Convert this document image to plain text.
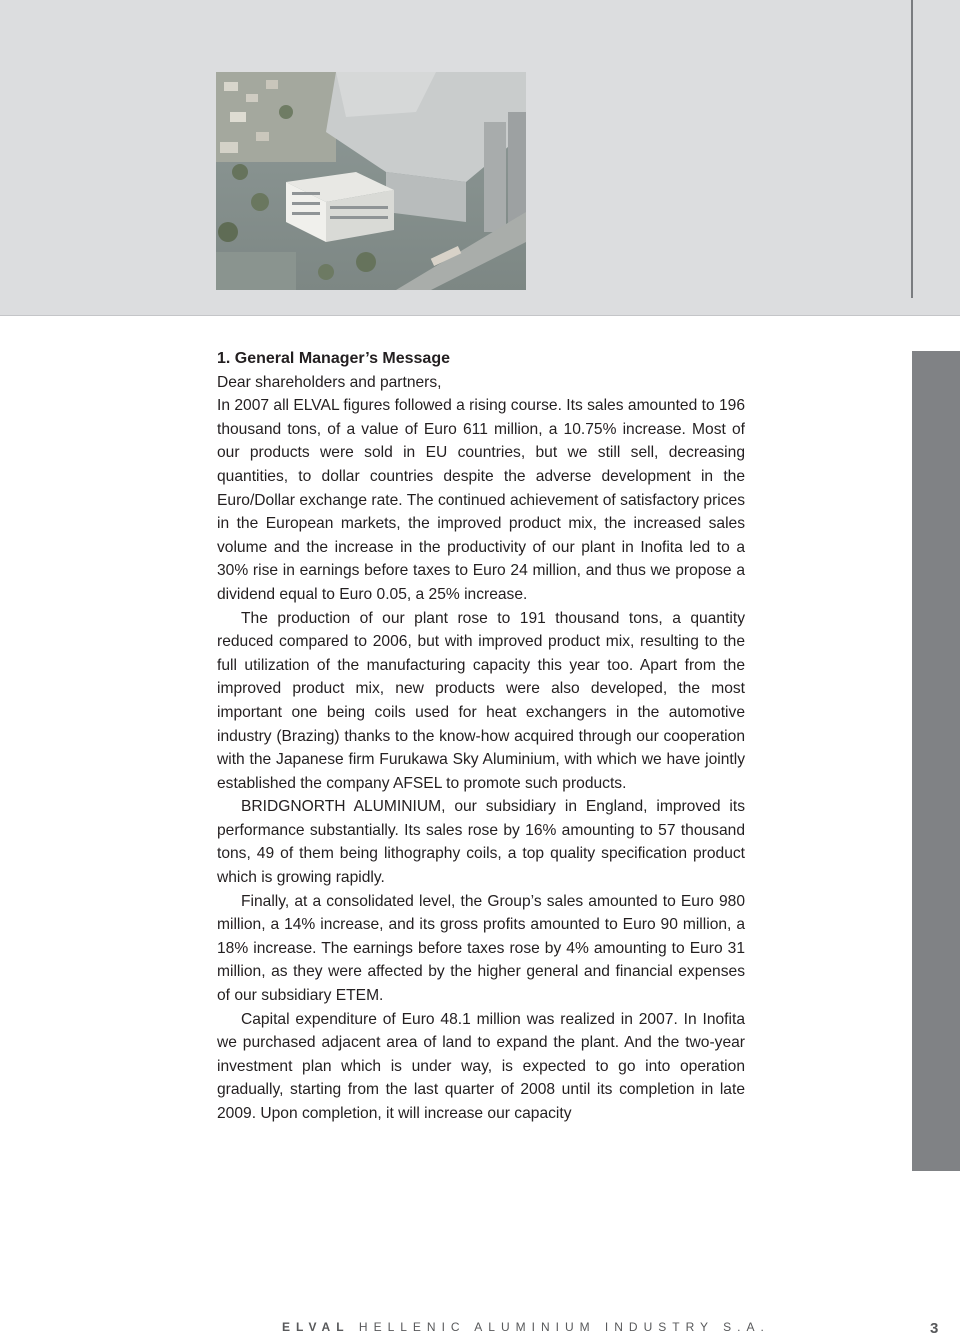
1. General Manager’s Message

Dear shareholders and partners,

In 2007 all ELVAL figures followed a rising course. Its sales amounted to 196 thousand tons, of a value of Euro 611 million, a 10.75% increase. Most of our products were sold in EU countries, but we still sell, decreasing quantities, to dollar countries despite the adverse development in the Euro/Dollar exchange rate. The continued achievement of satisfactory prices in the European markets, the improved product mix, the increased sales volume and the increase in the productivity of our plant in Inofita led to a 30% rise in earnings before taxes to Euro 24 million, and thus we propose a dividend equal to Euro 0.05, a 25% increase.

The production of our plant rose to 191 thousand tons, a quantity reduced compared to 2006, but with improved product mix, resulting to the full utilization of the manufacturing capacity this year too. Apart from the improved product mix, new products were also developed, the most important one being coils used for heat exchangers in the automotive industry (Brazing) thanks to the know-how acquired through our cooperation with the Japanese firm Furukawa Sky Aluminium, with which we have jointly established the company AFSEL to promote such products.

BRIDGNORTH ALUMINIUM, our subsidiary in England, improved its performance substantially. Its sales rose by 16% amounting to 57 thousand tons, 49 of them being lithography coils, a top quality specification product which is growing rapidly.

Finally, at a consolidated level, the Group’s sales amounted to Euro 980 million, a 14% increase, and its gross profits amounted to Euro 90 million, a 18% increase. The earnings before taxes rose by 4% amounting to Euro 31 million, as they were affected by the higher general and financial expenses of our subsidiary ETEM.

Capital expenditure of Euro 48.1 million was realized in 2007. In Inofita we purchased adjacent area of land to expand the plant. And the two-year investment plan which is under way, is expected to go into operation gradually, starting from the last quarter of 2008 until its completion in late 2009. Upon completion, it will increase our capacity

ELVAL HELLENIC ALUMINIUM INDUSTRY S.A.	3
